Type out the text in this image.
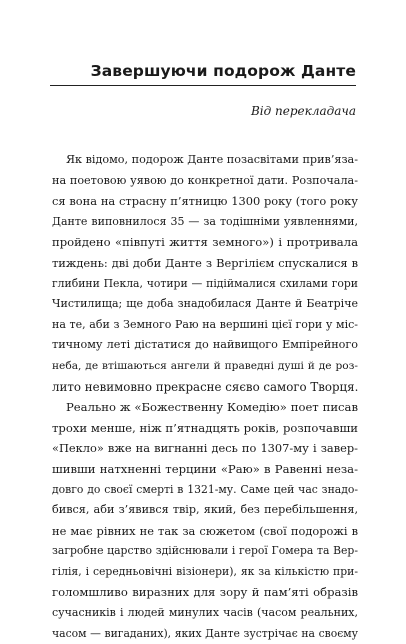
Завершуючи подорож Данте

Від перекладача

Як відомо, подорож Данте позасвітами прив’яза-
на поетовою уявою до конкретної дати. Розпочала-
ся вона на страсну п’ятницю 1300 року (того року
Данте виповнилося 35 — за тодішніми уявленнями,
пройдено «півпуті життя земного») і протривала
тиждень: дві доби Данте з Вергілієм спускалися в
глибини Пекла, чотири — підіймалися схилами гори
Чистилища; ще доба знадобилася Данте й Беатріче
на те, аби з Земного Раю на вершині цієї гори у міс-
тичному леті дістатися до найвищого Емпірейного
неба, де втішаються ангели й праведні душі й де роз-
лито невимовно прекрасне сяєво самого Творця.
Реально ж «Божественну Комедію» поет писав
трохи менше, ніж п’ятнадцять років, розпочавши
«Пекло» вже на вигнанні десь по 1307-му і завер-
шивши натхненні терцини «Раю» в Равенні неза-
довго до своєї смерті в 1321-му. Саме цей час знадо-
бився, аби з’явився твір, який, без перебільшення,
не має рівних не так за сюжетом (свої подорожі в
загробне царство здійснювали і герої Гомера та Вер-
гілія, і середньовічні візіонери), як за кількістю при-
голомшливо виразних для зору й пам’яті образів
сучасників і людей минулих часів (часом реальних,
часом — вигаданих), яких Данте зустрічає на своєму
